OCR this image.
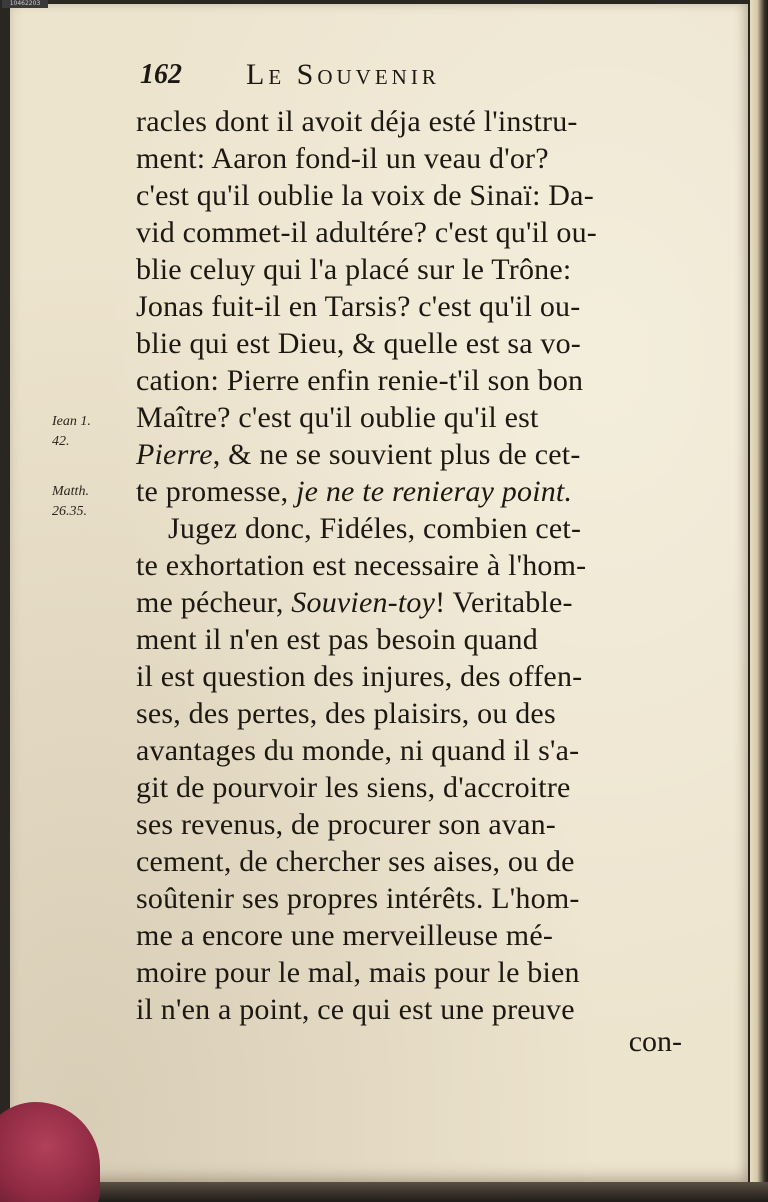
10462203
162 Le Souvenir
racles dont il avoit déja esté l'instru-
ment: Aaron fond-il un veau d'or?
c'est qu'il oublie la voix de Sinaï: Da-
vid commet-il adultére? c'est qu'il ou-
blie celuy qui l'a placé sur le Trône:
Jonas fuit-il en Tarsis? c'est qu'il ou-
blie qui est Dieu, & quelle est sa vo-
cation: Pierre enfin renie-t'il son bon
Maître? c'est qu'il oublie qu'il est
Pierre, & ne se souvient plus de cet-
te promesse, je ne te renieray point.
Jugez donc, Fidéles, combien cet-
te exhortation est necessaire à l'hom-
me pécheur, Souvien-toy! Veritable-
ment il n'en est pas besoin quand
il est question des injures, des offen-
ses, des pertes, des plaisirs, ou des
avantages du monde, ni quand il s'a-
git de pourvoir les siens, d'accroitre
ses revenus, de procurer son avan-
cement, de chercher ses aises, ou de
soûtenir ses propres intérêts. L'hom-
me a encore une merveilleuse mé-
moire pour le mal, mais pour le bien
il n'en a point, ce qui est une preuve
Iean 1.
42.
Matth.
26.35.
con-
